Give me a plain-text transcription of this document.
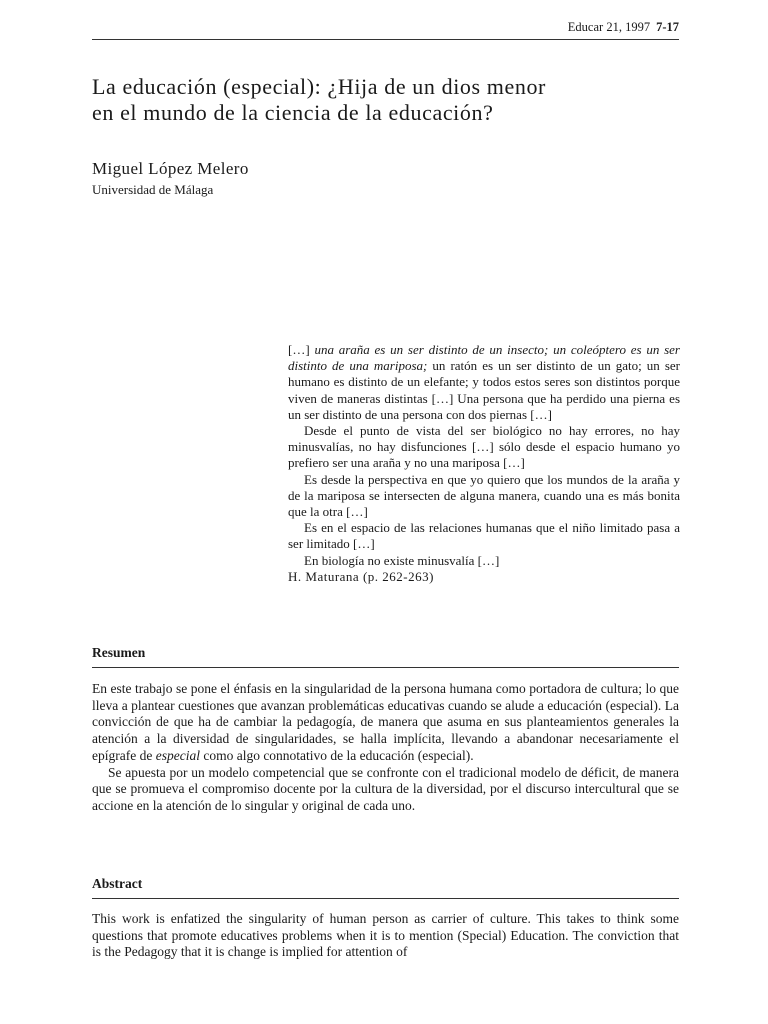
Educar 21, 1997 7-17
La educación (especial): ¿Hija de un dios menor
en el mundo de la ciencia de la educación?
Miguel López Melero
Universidad de Málaga

[…] una araña es un ser distinto de un insecto; un coleóptero es un ser distinto de una mariposa; un ratón es un ser distinto de un gato; un ser humano es distinto de un elefante; y todos estos seres son distintos porque viven de maneras distintas […] Una persona que ha perdido una pierna es un ser distinto de una persona con dos piernas […]

Desde el punto de vista del ser biológico no hay errores, no hay minusvalías, no hay disfunciones […] sólo desde el espacio humano yo prefiero ser una araña y no una mariposa […]

Es desde la perspectiva en que yo quiero que los mundos de la araña y de la mariposa se intersecten de alguna manera, cuando una es más bonita que la otra […]

Es en el espacio de las relaciones humanas que el niño limitado pasa a ser limitado […]

En biología no existe minusvalía […]

H. Maturana (p. 262-263)

Resumen

En este trabajo se pone el énfasis en la singularidad de la persona humana como portadora de cultura; lo que lleva a plantear cuestiones que avanzan problemáticas educativas cuando se alude a educación (especial). La convicción de que ha de cambiar la pedagogía, de manera que asuma en sus planteamientos generales la atención a la diversidad de singularidades, se halla implícita, llevando a abandonar necesariamente el epígrafe de especial como algo connotativo de la educación (especial).

Se apuesta por un modelo competencial que se confronte con el tradicional modelo de déficit, de manera que se promueva el compromiso docente por la cultura de la diversidad, por el discurso intercultural que se accione en la atención de lo singular y original de cada uno.

Abstract

This work is enfatized the singularity of human person as carrier of culture. This takes to think some questions that promote educatives problems when it is to mention (Special) Education. The conviction that is the Pedagogy that it is change is implied for attention of
